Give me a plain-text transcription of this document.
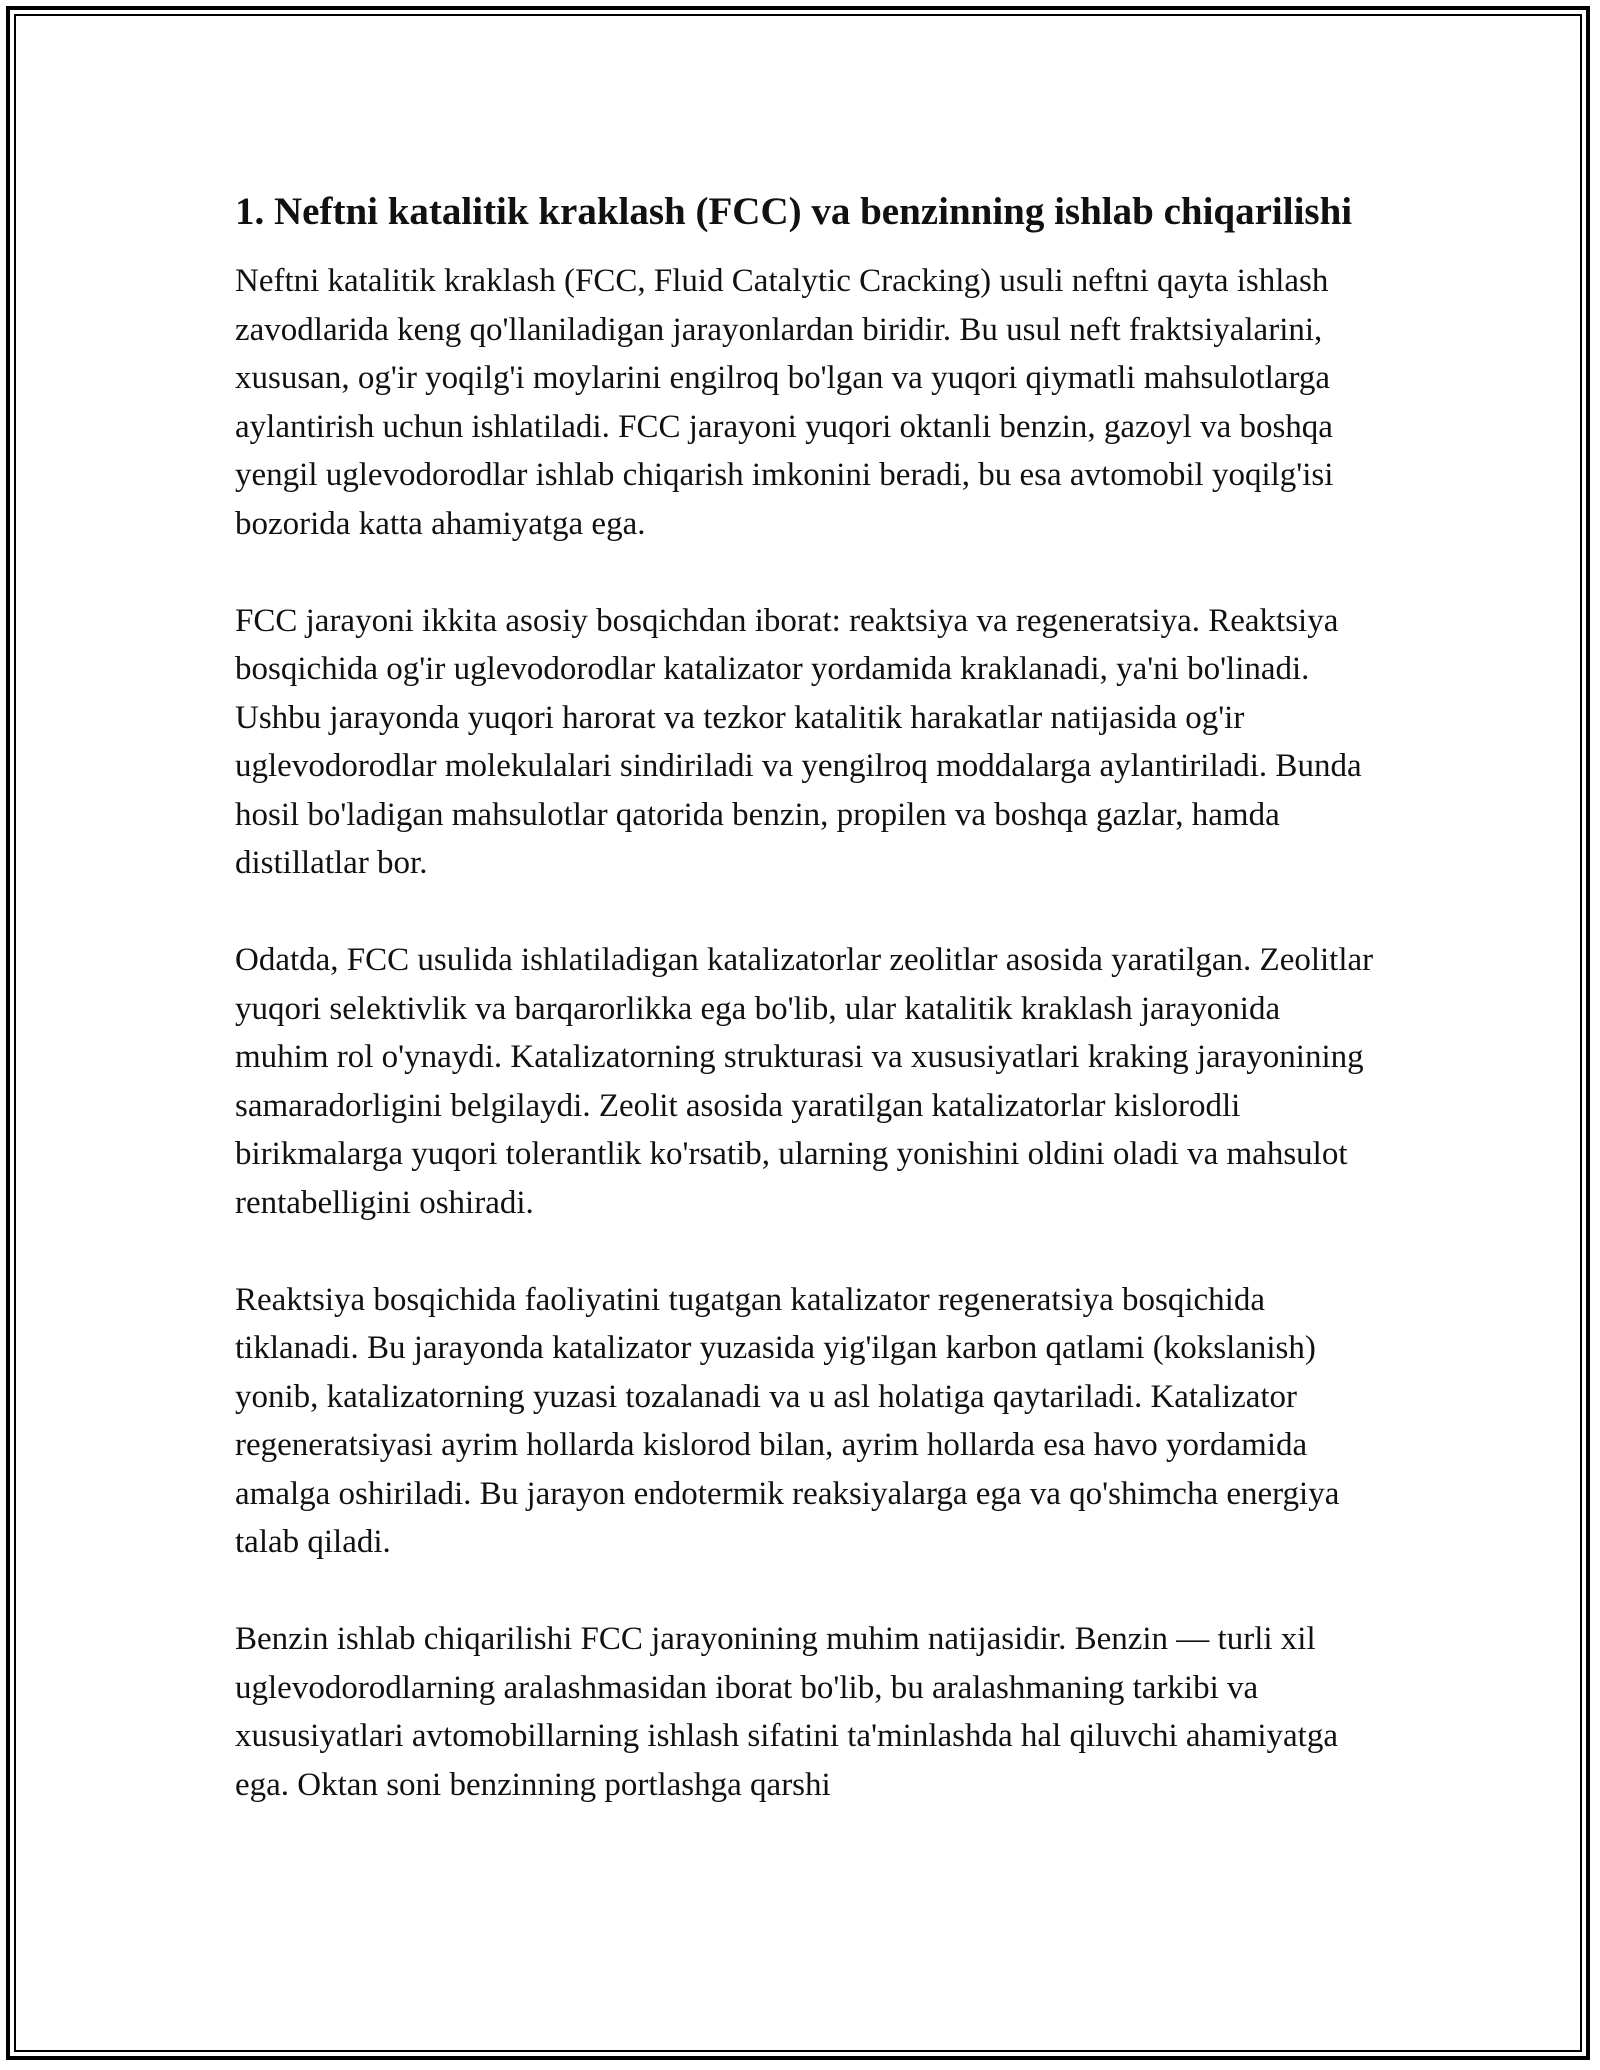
1. Neftni katalitik kraklash (FCC) va benzinning ishlab chiqarilishi

Neftni katalitik kraklash (FCC, Fluid Catalytic Cracking) usuli neftni qayta ishlash zavodlarida keng qo'llaniladigan jarayonlardan biridir. Bu usul neft fraktsiyalarini, xususan, og'ir yoqilg'i moylarini engilroq bo'lgan va yuqori qiymatli mahsulotlarga aylantirish uchun ishlatiladi. FCC jarayoni yuqori oktanli benzin, gazoyl va boshqa yengil uglevodorodlar ishlab chiqarish imkonini beradi, bu esa avtomobil yoqilg'isi bozorida katta ahamiyatga ega.

FCC jarayoni ikkita asosiy bosqichdan iborat: reaktsiya va regeneratsiya. Reaktsiya bosqichida og'ir uglevodorodlar katalizator yordamida kraklanadi, ya'ni bo'linadi. Ushbu jarayonda yuqori harorat va tezkor katalitik harakatlar natijasida og'ir uglevodorodlar molekulalari sindiriladi va yengilroq moddalarga aylantiriladi. Bunda hosil bo'ladigan mahsulotlar qatorida benzin, propilen va boshqa gazlar, hamda distillatlar bor.

Odatda, FCC usulida ishlatiladigan katalizatorlar zeolitlar asosida yaratilgan. Zeolitlar yuqori selektivlik va barqarorlikka ega bo'lib, ular katalitik kraklash jarayonida muhim rol o'ynaydi. Katalizatorning strukturasi va xususiyatlari kraking jarayonining samaradorligini belgilaydi. Zeolit asosida yaratilgan katalizatorlar kislorodli birikmalarga yuqori tolerantlik ko'rsatib, ularning yonishini oldini oladi va mahsulot rentabelligini oshiradi.

Reaktsiya bosqichida faoliyatini tugatgan katalizator regeneratsiya bosqichida tiklanadi. Bu jarayonda katalizator yuzasida yig'ilgan karbon qatlami (kokslanish) yonib, katalizatorning yuzasi tozalanadi va u asl holatiga qaytariladi. Katalizator regeneratsiyasi ayrim hollarda kislorod bilan, ayrim hollarda esa havo yordamida amalga oshiriladi. Bu jarayon endotermik reaksiyalarga ega va qo'shimcha energiya talab qiladi.

Benzin ishlab chiqarilishi FCC jarayonining muhim natijasidir. Benzin — turli xil uglevodorodlarning aralashmasidan iborat bo'lib, bu aralashmaning tarkibi va xususiyatlari avtomobillarning ishlash sifatini ta'minlashda hal qiluvchi ahamiyatga ega. Oktan soni benzinning portlashga qarshi
